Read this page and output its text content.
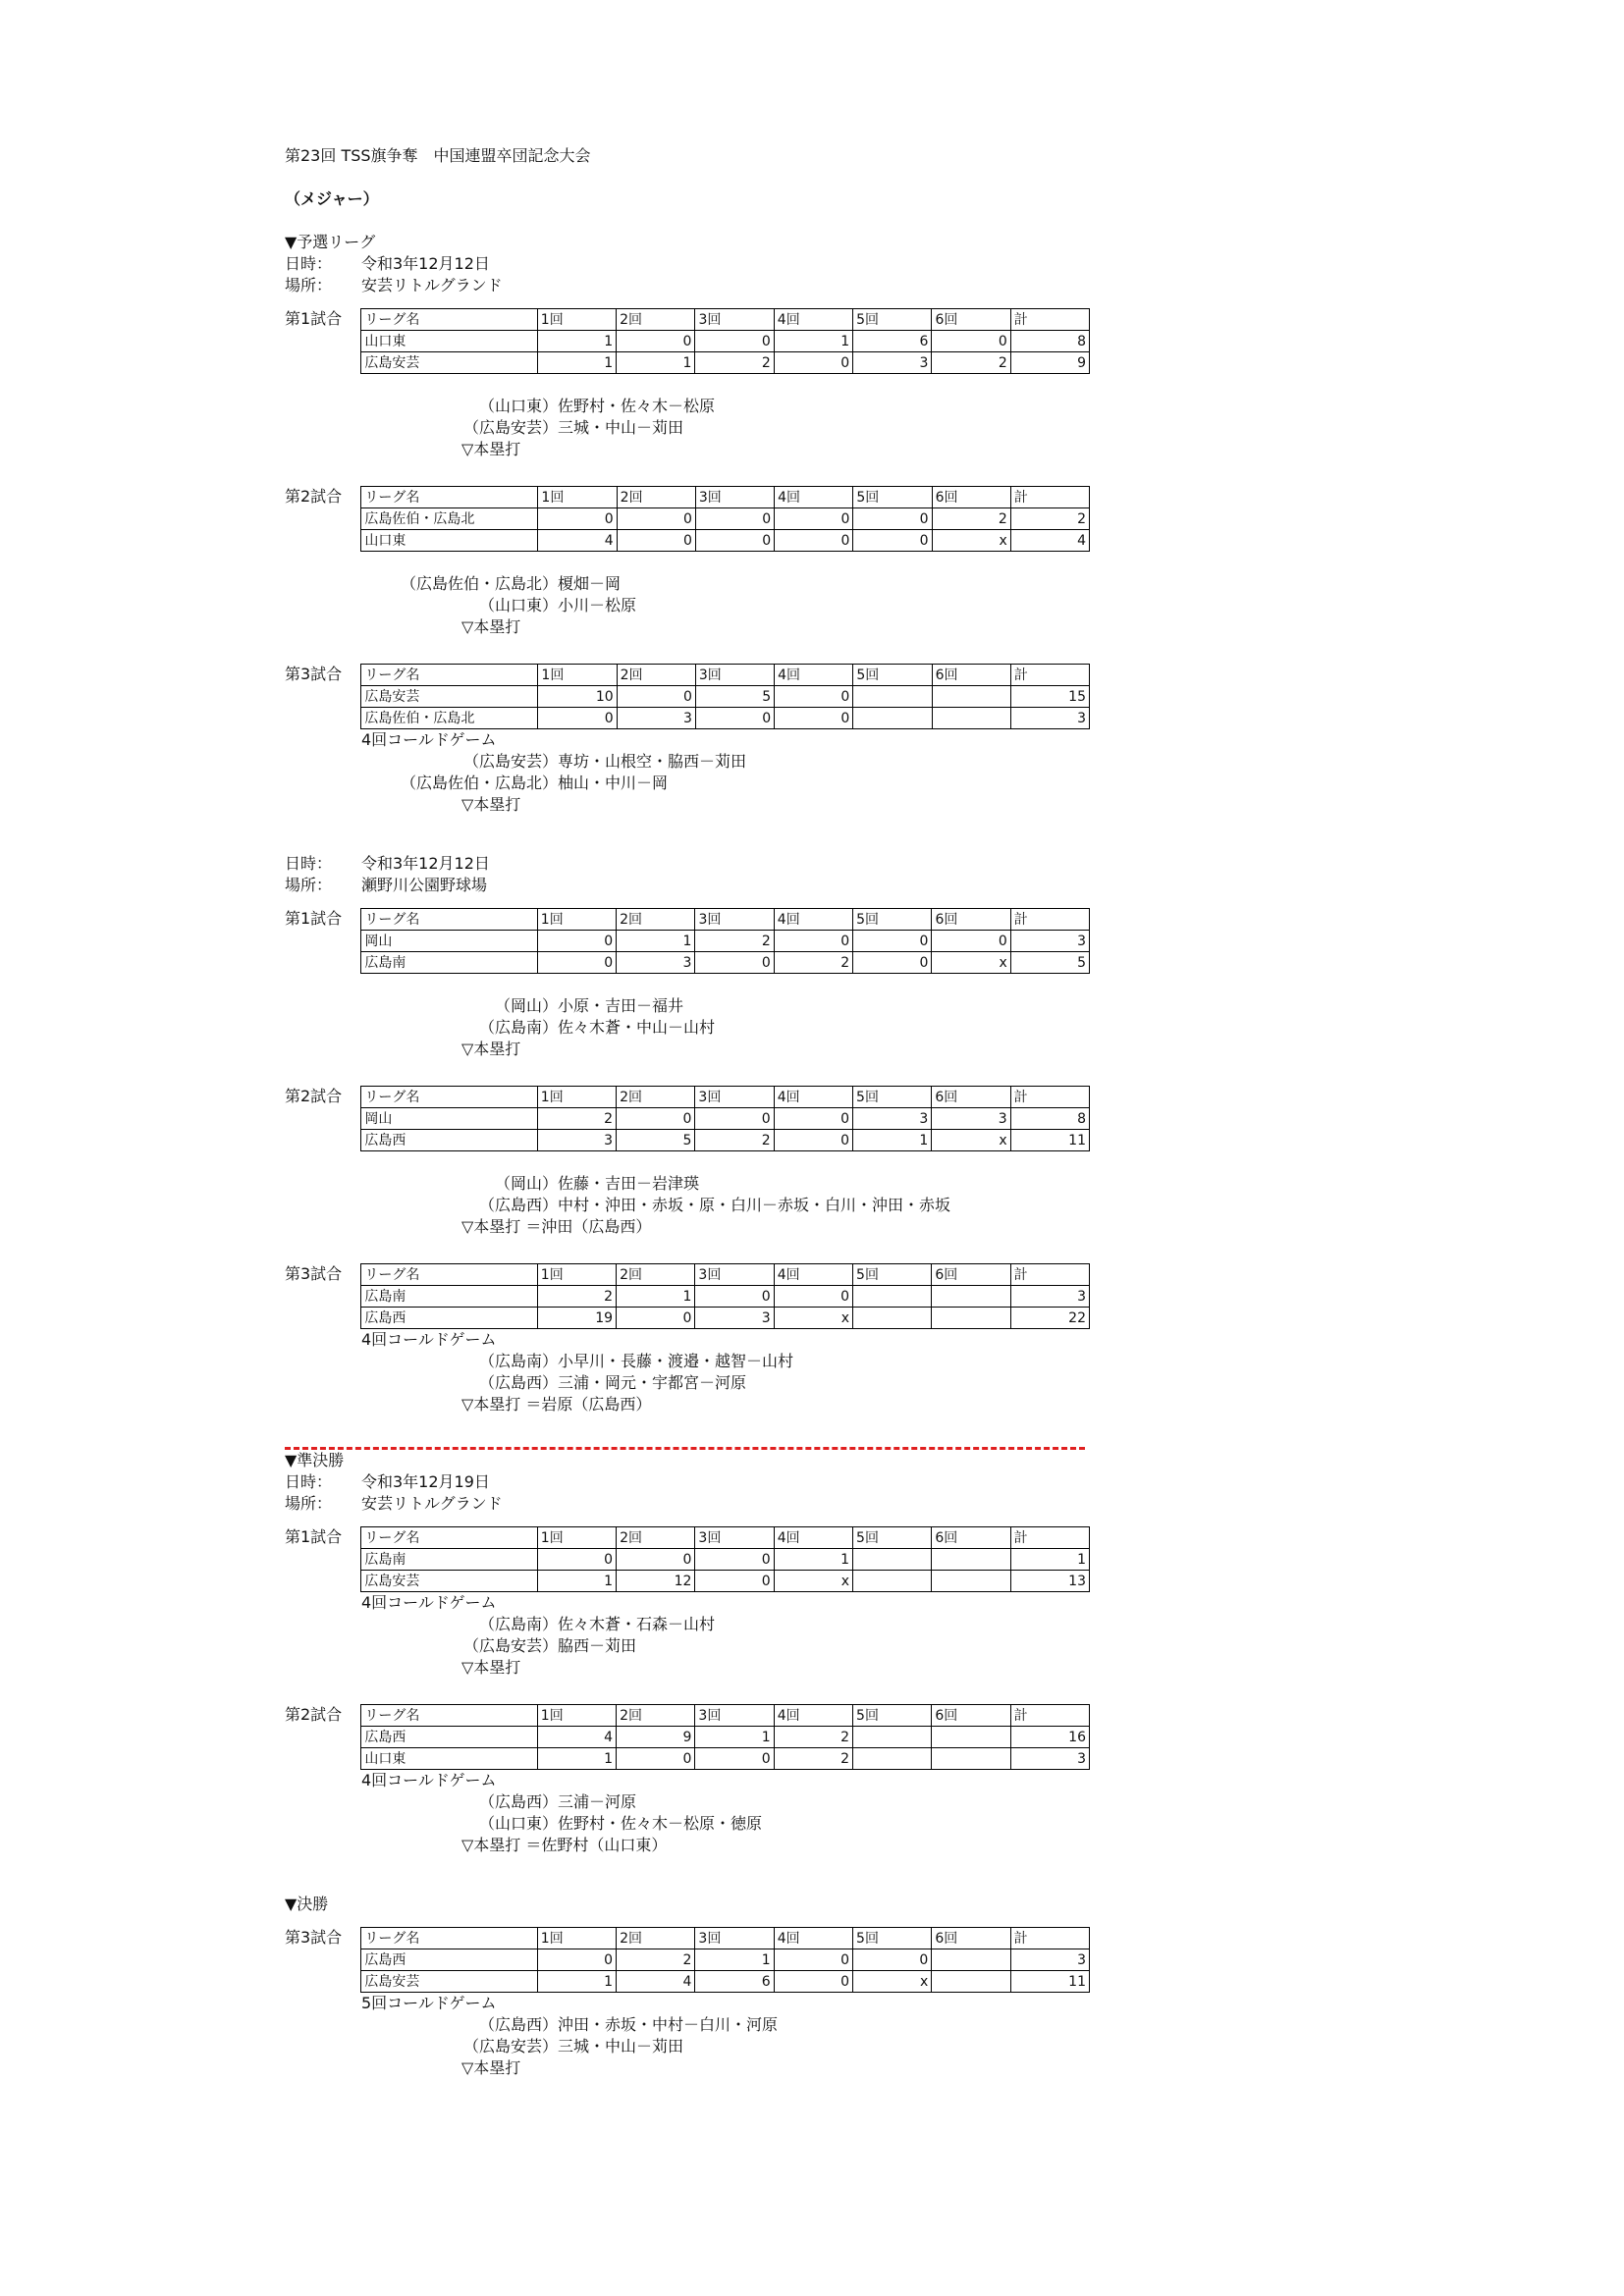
第23回 TSS旗争奪　中国連盟卒団記念大会
（メジャー）
▼予選リーグ
日時：	令和3年12月12日
場所：	安芸リトルグランド
第1試合	リーグ名	1回	2回	3回	4回	5回	6回	計
山口東	1	0	0	1	6	0	8
広島安芸	1	1	2	0	3	2	9
（山口東）佐野村・佐々木－松原
（広島安芸）三城・中山－苅田
▽本塁打
第2試合	リーグ名	1回	2回	3回	4回	5回	6回	計
広島佐伯・広島北	0	0	0	0	0	2	2
山口東	4	0	0	0	0	x	4
（広島佐伯・広島北）榎畑－岡
（山口東）小川－松原
▽本塁打
第3試合	リーグ名	1回	2回	3回	4回	5回	6回	計
広島安芸	10	0	5	0			15
広島佐伯・広島北	0	3	0	0			3
4回コールドゲーム
（広島安芸）専坊・山根空・脇西－苅田
（広島佐伯・広島北）柚山・中川－岡
▽本塁打
日時：	令和3年12月12日
場所：	瀬野川公園野球場
第1試合	リーグ名	1回	2回	3回	4回	5回	6回	計
岡山	0	1	2	0	0	0	3
広島南	0	3	0	2	0	x	5
（岡山）小原・吉田－福井
（広島南）佐々木蒼・中山－山村
▽本塁打
第2試合	リーグ名	1回	2回	3回	4回	5回	6回	計
岡山	2	0	0	0	3	3	8
広島西	3	5	2	0	1	x	11
（岡山）佐藤・吉田－岩津瑛
（広島西）中村・沖田・赤坂・原・白川－赤坂・白川・沖田・赤坂
▽本塁打 ＝沖田（広島西）
第3試合	リーグ名	1回	2回	3回	4回	5回	6回	計
広島南	2	1	0	0			3
広島西	19	0	3	x			22
4回コールドゲーム
（広島南）小早川・長藤・渡邉・越智－山村
（広島西）三浦・岡元・宇都宮－河原
▽本塁打 ＝岩原（広島西）
▼準決勝
日時：	令和3年12月19日
場所：	安芸リトルグランド
第1試合	リーグ名	1回	2回	3回	4回	5回	6回	計
広島南	0	0	0	1			1
広島安芸	1	12	0	x			13
4回コールドゲーム
（広島南）佐々木蒼・石森－山村
（広島安芸）脇西－苅田
▽本塁打
第2試合	リーグ名	1回	2回	3回	4回	5回	6回	計
広島西	4	9	1	2			16
山口東	1	0	0	2			3
4回コールドゲーム
（広島西）三浦－河原
（山口東）佐野村・佐々木－松原・徳原
▽本塁打 ＝佐野村（山口東）
▼決勝
第3試合	リーグ名	1回	2回	3回	4回	5回	6回	計
広島西	0	2	1	0	0		3
広島安芸	1	4	6	0	x		11
5回コールドゲーム
（広島西）沖田・赤坂・中村－白川・河原
（広島安芸）三城・中山－苅田
▽本塁打
